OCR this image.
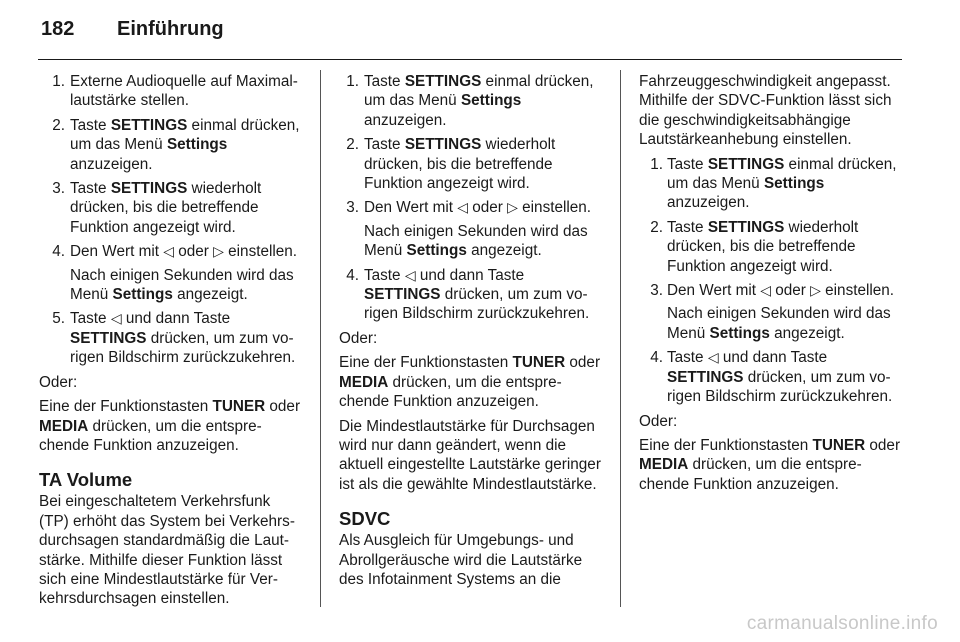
182 Einführung
1. Externe Audioquelle auf Maximallautstärke stellen.
2. Taste SETTINGS einmal drücken, um das Menü Settings anzuzeigen.
3. Taste SETTINGS wiederholt drücken, bis die betreffende Funktion angezeigt wird.
4. Den Wert mit ◁ oder ▷ einstellen.

Nach einigen Sekunden wird das Menü Settings angezeigt.

5. Taste ◁ und dann Taste SETTINGS drücken, um zum vorigen Bildschirm zurückzukehren.

Oder:

Eine der Funktionstasten TUNER oder MEDIA drücken, um die entsprechende Funktion anzuzeigen.

TA Volume

Bei eingeschaltetem Verkehrsfunk (TP) erhöht das System bei Verkehrsdurchsagen standardmäßig die Lautstärke. Mithilfe dieser Funktion lässt sich eine Mindestlautstärke für Verkehrsdurchsagen einstellen.

1. Taste SETTINGS einmal drücken, um das Menü Settings anzuzeigen.
2. Taste SETTINGS wiederholt drücken, bis die betreffende Funktion angezeigt wird.
3. Den Wert mit ◁ oder ▷ einstellen.

Nach einigen Sekunden wird das Menü Settings angezeigt.

4. Taste ◁ und dann Taste SETTINGS drücken, um zum vorigen Bildschirm zurückzukehren.

Oder:

Eine der Funktionstasten TUNER oder MEDIA drücken, um die entsprechende Funktion anzuzeigen.

Die Mindestlautstärke für Durchsagen wird nur dann geändert, wenn die aktuell eingestellte Lautstärke geringer ist als die gewählte Mindestlautstärke.

SDVC

Als Ausgleich für Umgebungs- und Abrollgeräusche wird die Lautstärke des Infotainment Systems an die

Fahrzeuggeschwindigkeit angepasst. Mithilfe der SDVC-Funktion lässt sich die geschwindigkeitsabhängige Lautstärkeanhebung einstellen.

1. Taste SETTINGS einmal drücken, um das Menü Settings anzuzeigen.
2. Taste SETTINGS wiederholt drücken, bis die betreffende Funktion angezeigt wird.
3. Den Wert mit ◁ oder ▷ einstellen.

Nach einigen Sekunden wird das Menü Settings angezeigt.

4. Taste ◁ und dann Taste SETTINGS drücken, um zum vorigen Bildschirm zurückzukehren.

Oder:

Eine der Funktionstasten TUNER oder MEDIA drücken, um die entsprechende Funktion anzuzeigen.

carmanualsonline.info
